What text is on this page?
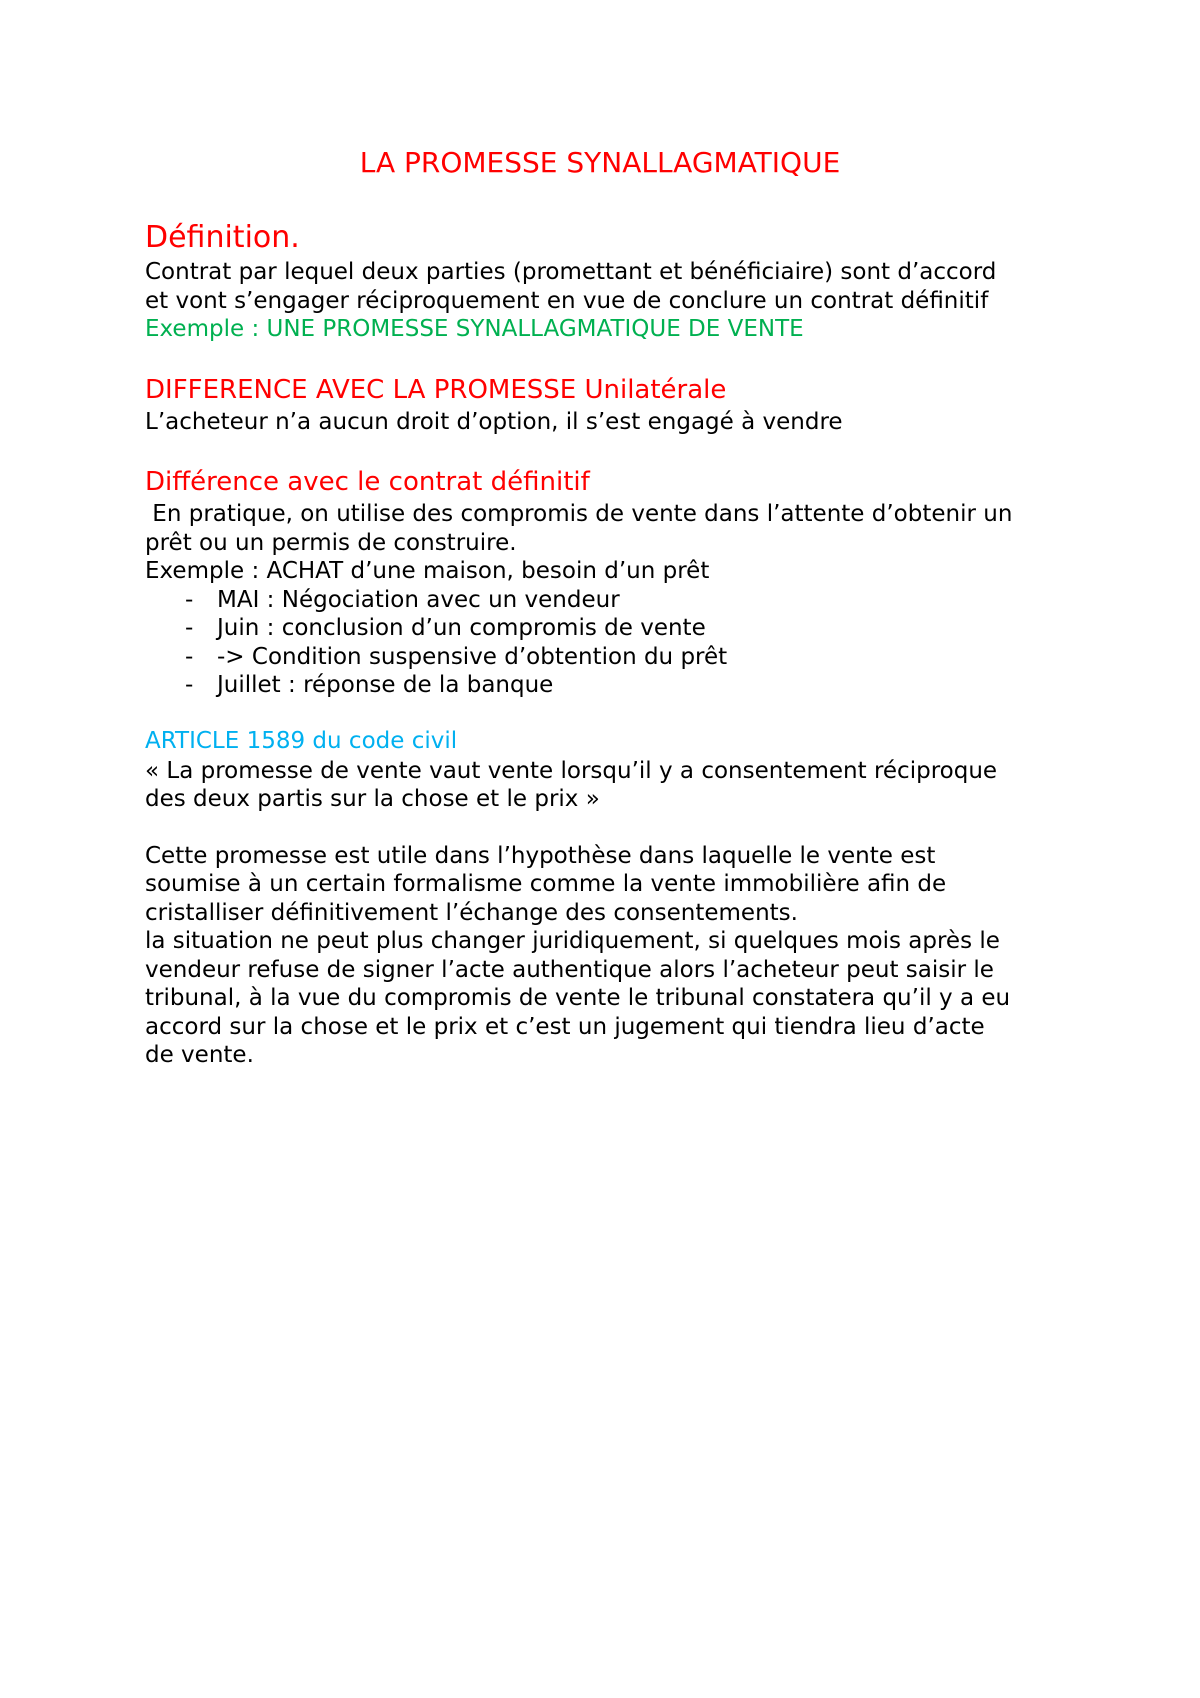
LA PROMESSE SYNALLAGMATIQUE
Définition.
Contrat par lequel deux parties (promettant et bénéficiaire) sont d’accord
et vont s’engager réciproquement en vue de conclure un contrat définitif
Exemple : UNE PROMESSE SYNALLAGMATIQUE DE VENTE
DIFFERENCE AVEC LA PROMESSE Unilatérale
L’acheteur n’a aucun droit d’option, il s’est engagé à vendre
Différence avec le contrat définitif
En pratique, on utilise des compromis de vente dans l’attente d’obtenir un
prêt ou un permis de construire.
Exemple : ACHAT d’une maison, besoin d’un prêt
- MAI : Négociation avec un vendeur
- Juin : conclusion d’un compromis de vente
- -> Condition suspensive d’obtention du prêt
- Juillet : réponse de la banque
ARTICLE 1589 du code civil
« La promesse de vente vaut vente lorsqu’il y a consentement réciproque
des deux partis sur la chose et le prix »
Cette promesse est utile dans l’hypothèse dans laquelle le vente est
soumise à un certain formalisme comme la vente immobilière afin de
cristalliser définitivement l’échange des consentements.
la situation ne peut plus changer juridiquement, si quelques mois après le
vendeur refuse de signer l’acte authentique alors l’acheteur peut saisir le
tribunal, à la vue du compromis de vente le tribunal constatera qu’il y a eu
accord sur la chose et le prix et c’est un jugement qui tiendra lieu d’acte
de vente.
